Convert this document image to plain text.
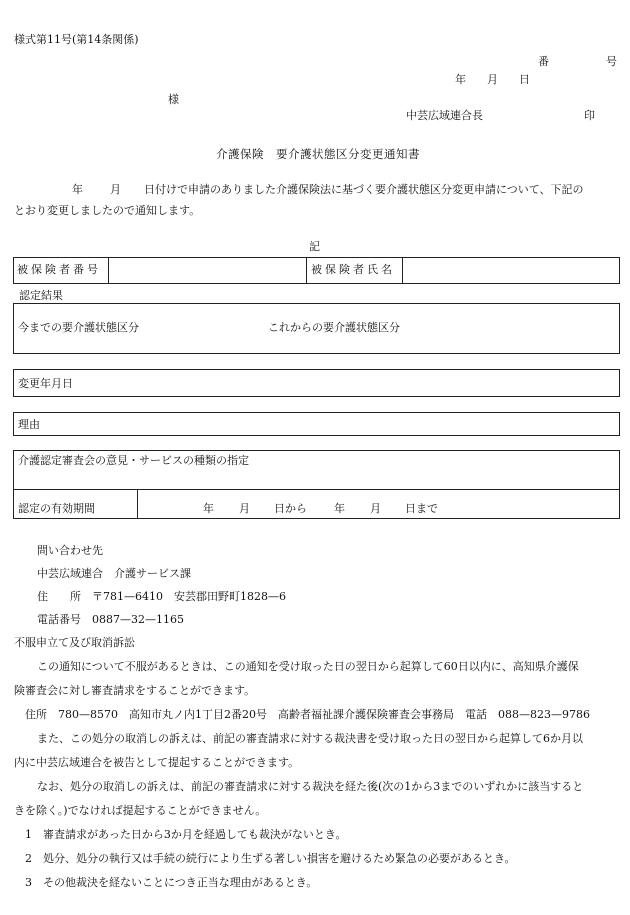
様式第11号(第14条関係)
番	号
年 月 日
様
中芸広域連合長	印
介護保険　要介護状態区分変更通知書
年 月 日付けで申請のありました介護保険法に基づく要介護状態区分変更申請について、下記の
とおり変更しましたので通知します。
記
被保険者番号	被保険者氏名
認定結果
今までの要介護状態区分	これからの要介護状態区分
変更年月日
理由
介護認定審査会の意見・サービスの種類の指定
認定の有効期間	年 月 日から 年 月 日まで
問い合わせ先
中芸広域連合　介護サービス課
住　　所　〒781—6410　安芸郡田野町1828—6
電話番号　0887—32—1165
不服申立て及び取消訴訟
この通知について不服があるときは、この通知を受け取った日の翌日から起算して60日以内に、高知県介護保
険審査会に対し審査請求をすることができます。
住所　780—8570　高知市丸ノ内1丁目2番20号　高齢者福祉課介護保険審査会事務局　電話　088—823—9786
また、この処分の取消しの訴えは、前記の審査請求に対する裁決書を受け取った日の翌日から起算して6か月以
内に中芸広域連合を被告として提起することができます。
なお、処分の取消しの訴えは、前記の審査請求に対する裁決を経た後(次の1から3までのいずれかに該当すると
きを除く。)でなければ提起することができません。
1　審査請求があった日から3か月を経過しても裁決がないとき。
2　処分、処分の執行又は手続の続行により生ずる著しい損害を避けるため緊急の必要があるとき。
3　その他裁決を経ないことにつき正当な理由があるとき。
